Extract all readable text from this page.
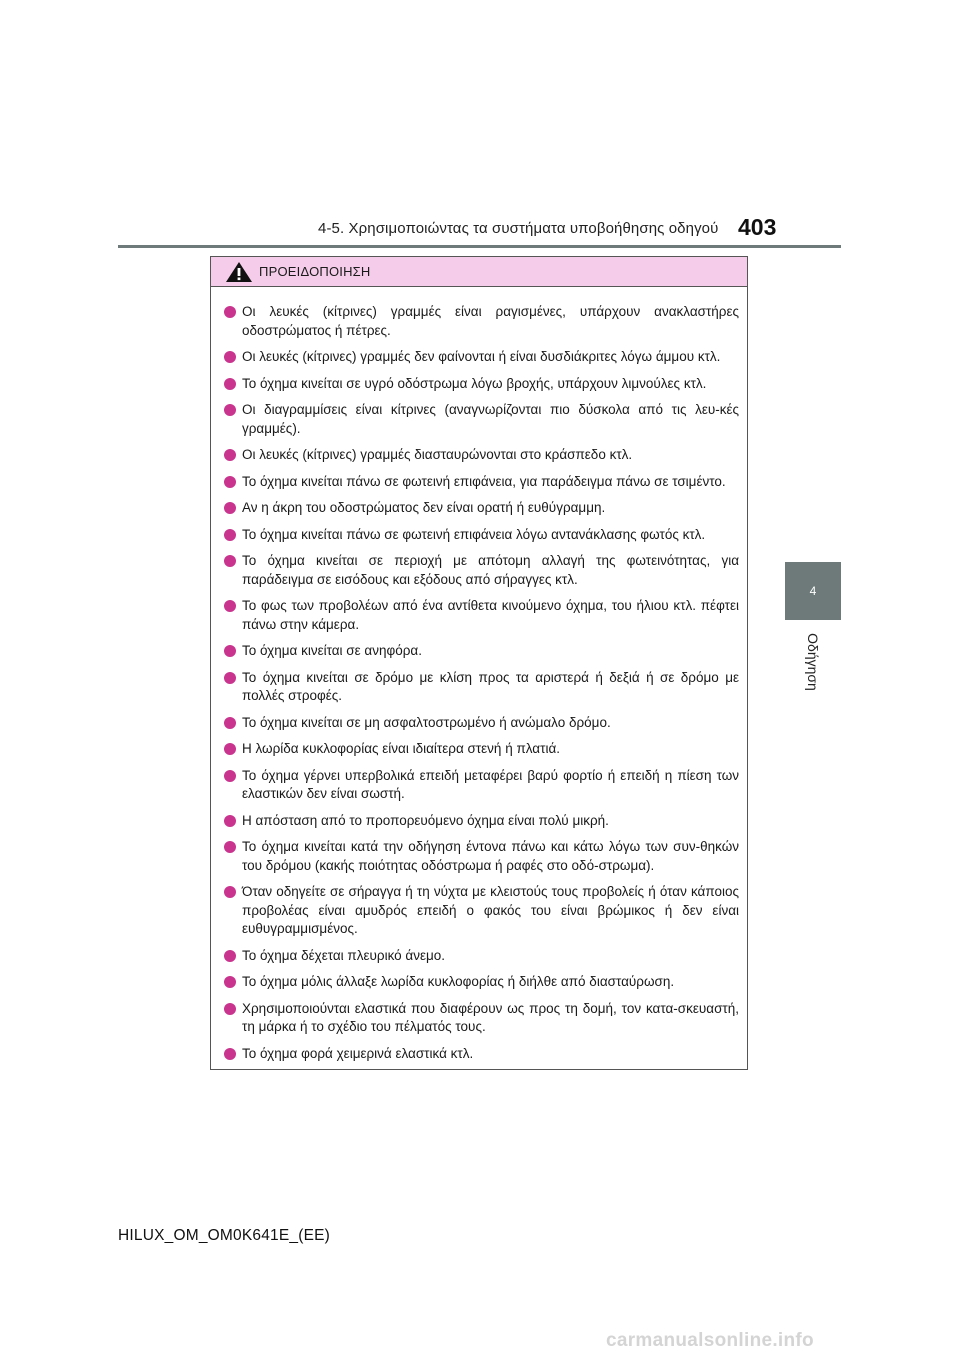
4-5. Χρησιμοποιώντας τα συστήματα υποβοήθησης οδηγού 403
4
Οδήγηση
ΠΡΟΕΙΔΟΠΟΙΗΣΗ
Οι λευκές (κίτρινες) γραμμές είναι ραγισμένες, υπάρχουν ανακλαστήρες οδοστρώματος ή πέτρες.
Οι λευκές (κίτρινες) γραμμές δεν φαίνονται ή είναι δυσδιάκριτες λόγω άμμου κτλ.
Το όχημα κινείται σε υγρό οδόστρωμα λόγω βροχής, υπάρχουν λιμνούλες κτλ.
Οι διαγραμμίσεις είναι κίτρινες (αναγνωρίζονται πιο δύσκολα από τις λευ-κές γραμμές).
Οι λευκές (κίτρινες) γραμμές διασταυρώνονται στο κράσπεδο κτλ.
Το όχημα κινείται πάνω σε φωτεινή επιφάνεια, για παράδειγμα πάνω σε τσιμέντο.
Αν η άκρη του οδοστρώματος δεν είναι ορατή ή ευθύγραμμη.
Το όχημα κινείται πάνω σε φωτεινή επιφάνεια λόγω αντανάκλασης φωτός κτλ.
Το όχημα κινείται σε περιοχή με απότομη αλλαγή της φωτεινότητας, για παράδειγμα σε εισόδους και εξόδους από σήραγγες κτλ.
Το φως των προβολέων από ένα αντίθετα κινούμενο όχημα, του ήλιου κτλ. πέφτει πάνω στην κάμερα.
Το όχημα κινείται σε ανηφόρα.
Το όχημα κινείται σε δρόμο με κλίση προς τα αριστερά ή δεξιά ή σε δρόμο με πολλές στροφές.
Το όχημα κινείται σε μη ασφαλτοστρωμένο ή ανώμαλο δρόμο.
Η λωρίδα κυκλοφορίας είναι ιδιαίτερα στενή ή πλατιά.
Το όχημα γέρνει υπερβολικά επειδή μεταφέρει βαρύ φορτίο ή επειδή η πίεση των ελαστικών δεν είναι σωστή.
Η απόσταση από το προπορευόμενο όχημα είναι πολύ μικρή.
Το όχημα κινείται κατά την οδήγηση έντονα πάνω και κάτω λόγω των συν-θηκών του δρόμου (κακής ποιότητας οδόστρωμα ή ραφές στο οδό-στρωμα).
Όταν οδηγείτε σε σήραγγα ή τη νύχτα με κλειστούς τους προβολείς ή όταν κάποιος προβολέας είναι αμυδρός επειδή ο φακός του είναι βρώμικος ή δεν είναι ευθυγραμμισμένος.
Το όχημα δέχεται πλευρικό άνεμο.
Το όχημα μόλις άλλαξε λωρίδα κυκλοφορίας ή διήλθε από διασταύρωση.
Χρησιμοποιούνται ελαστικά που διαφέρουν ως προς τη δομή, τον κατα-σκευαστή, τη μάρκα ή το σχέδιο του πέλματός τους.
Το όχημα φορά χειμερινά ελαστικά κτλ.
HILUX_OM_OM0K641E_(EE)
carmanualsonline.info
